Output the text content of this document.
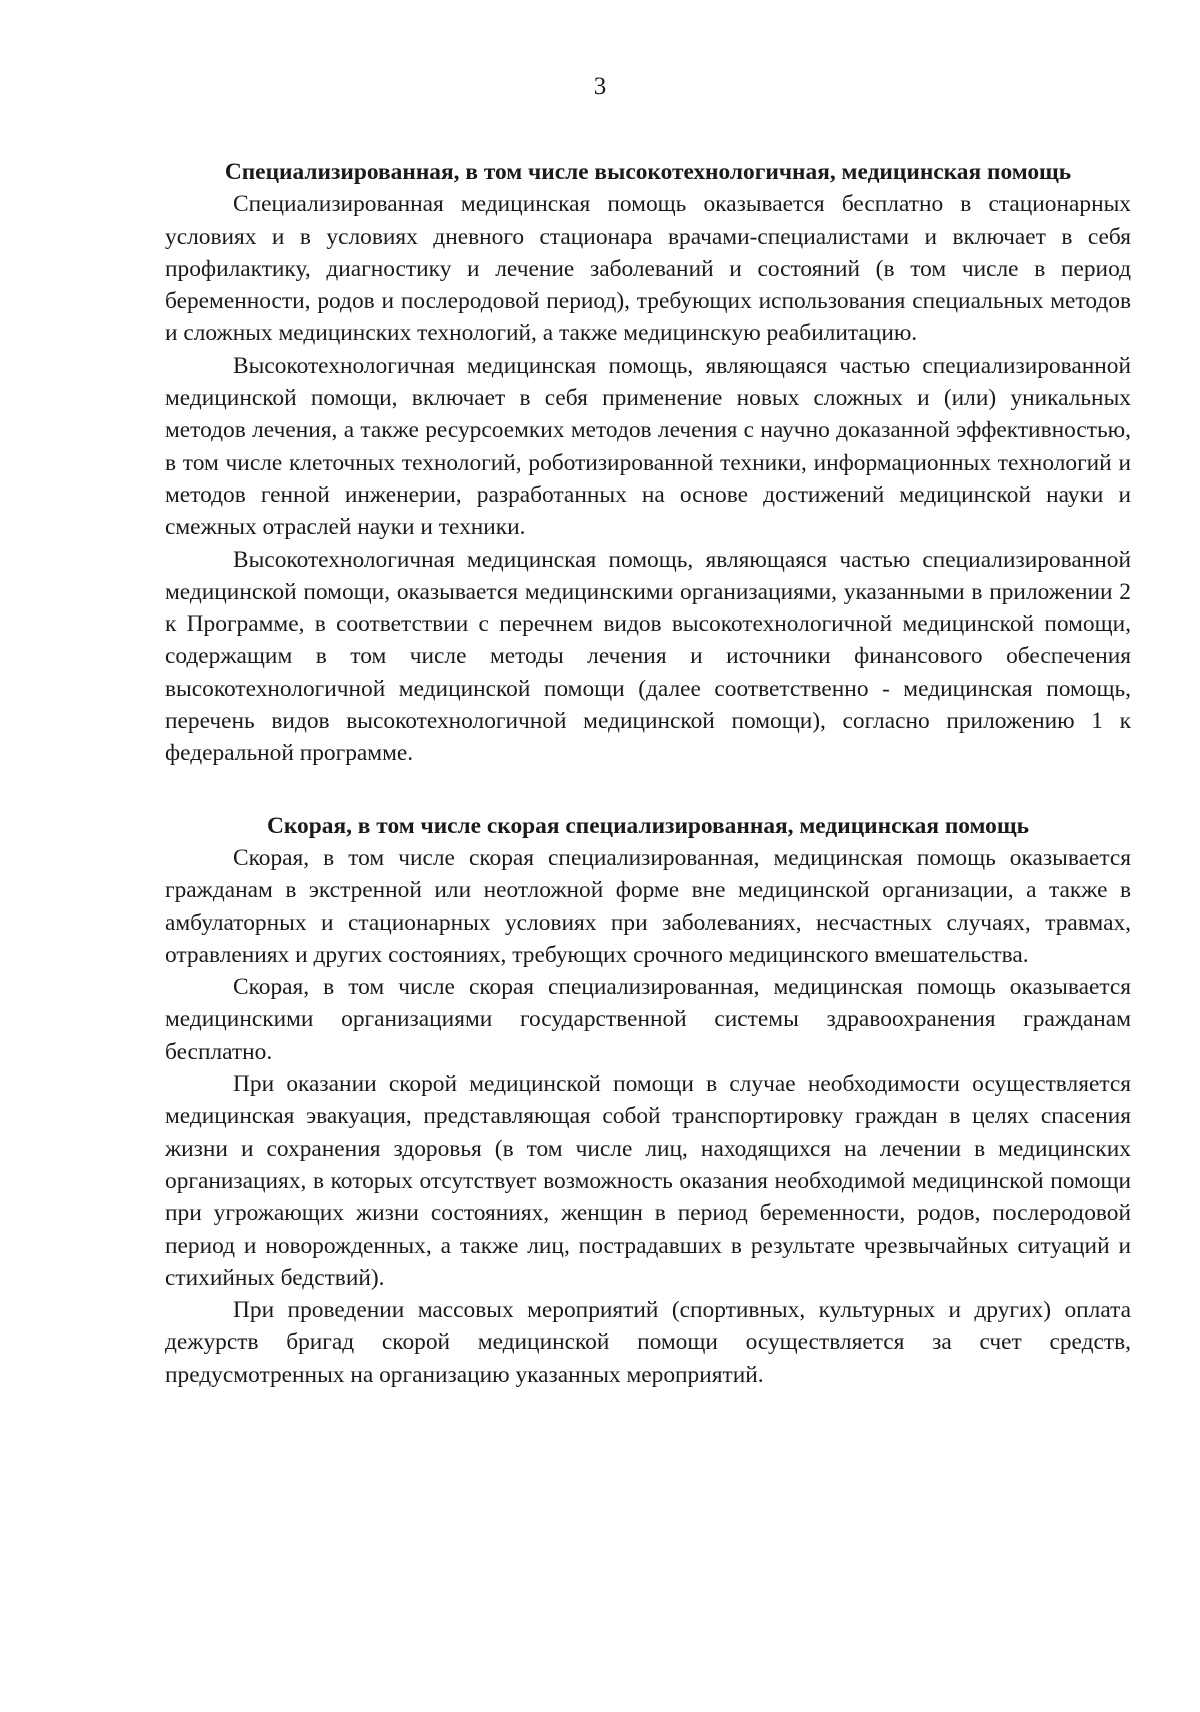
3

Специализированная, в том числе высокотехнологичная, медицинская помощь

Специализированная медицинская помощь оказывается бесплатно в стационарных условиях и в условиях дневного стационара врачами-специалистами и включает в себя профилактику, диагностику и лечение заболеваний и состояний (в том числе в период беременности, родов и послеродовой период), требующих использования специальных методов и сложных медицинских технологий, а также медицинскую реабилитацию.

Высокотехнологичная медицинская помощь, являющаяся частью специализированной медицинской помощи, включает в себя применение новых сложных и (или) уникальных методов лечения, а также ресурсоемких методов лечения с научно доказанной эффективностью, в том числе клеточных технологий, роботизированной техники, информационных технологий и методов генной инженерии, разработанных на основе достижений медицинской науки и смежных отраслей науки и техники.

Высокотехнологичная медицинская помощь, являющаяся частью специализированной медицинской помощи, оказывается медицинскими организациями, указанными в приложении 2 к Программе, в соответствии с перечнем видов высокотехнологичной медицинской помощи, содержащим в том числе методы лечения и источники финансового обеспечения высокотехнологичной медицинской помощи (далее соответственно - медицинская помощь, перечень видов высокотехнологичной медицинской помощи), согласно приложению 1 к федеральной программе.

Скорая, в том числе скорая специализированная, медицинская помощь

Скорая, в том числе скорая специализированная, медицинская помощь оказывается гражданам в экстренной или неотложной форме вне медицинской организации, а также в амбулаторных и стационарных условиях при заболеваниях, несчастных случаях, травмах, отравлениях и других состояниях, требующих срочного медицинского вмешательства.

Скорая, в том числе скорая специализированная, медицинская помощь оказывается медицинскими организациями государственной системы здравоохранения гражданам бесплатно.

При оказании скорой медицинской помощи в случае необходимости осуществляется медицинская эвакуация, представляющая собой транспортировку граждан в целях спасения жизни и сохранения здоровья (в том числе лиц, находящихся на лечении в медицинских организациях, в которых отсутствует возможность оказания необходимой медицинской помощи при угрожающих жизни состояниях, женщин в период беременности, родов, послеродовой период и новорожденных, а также лиц, пострадавших в результате чрезвычайных ситуаций и стихийных бедствий).

При проведении массовых мероприятий (спортивных, культурных и других) оплата дежурств бригад скорой медицинской помощи осуществляется за счет средств, предусмотренных на организацию указанных мероприятий.
